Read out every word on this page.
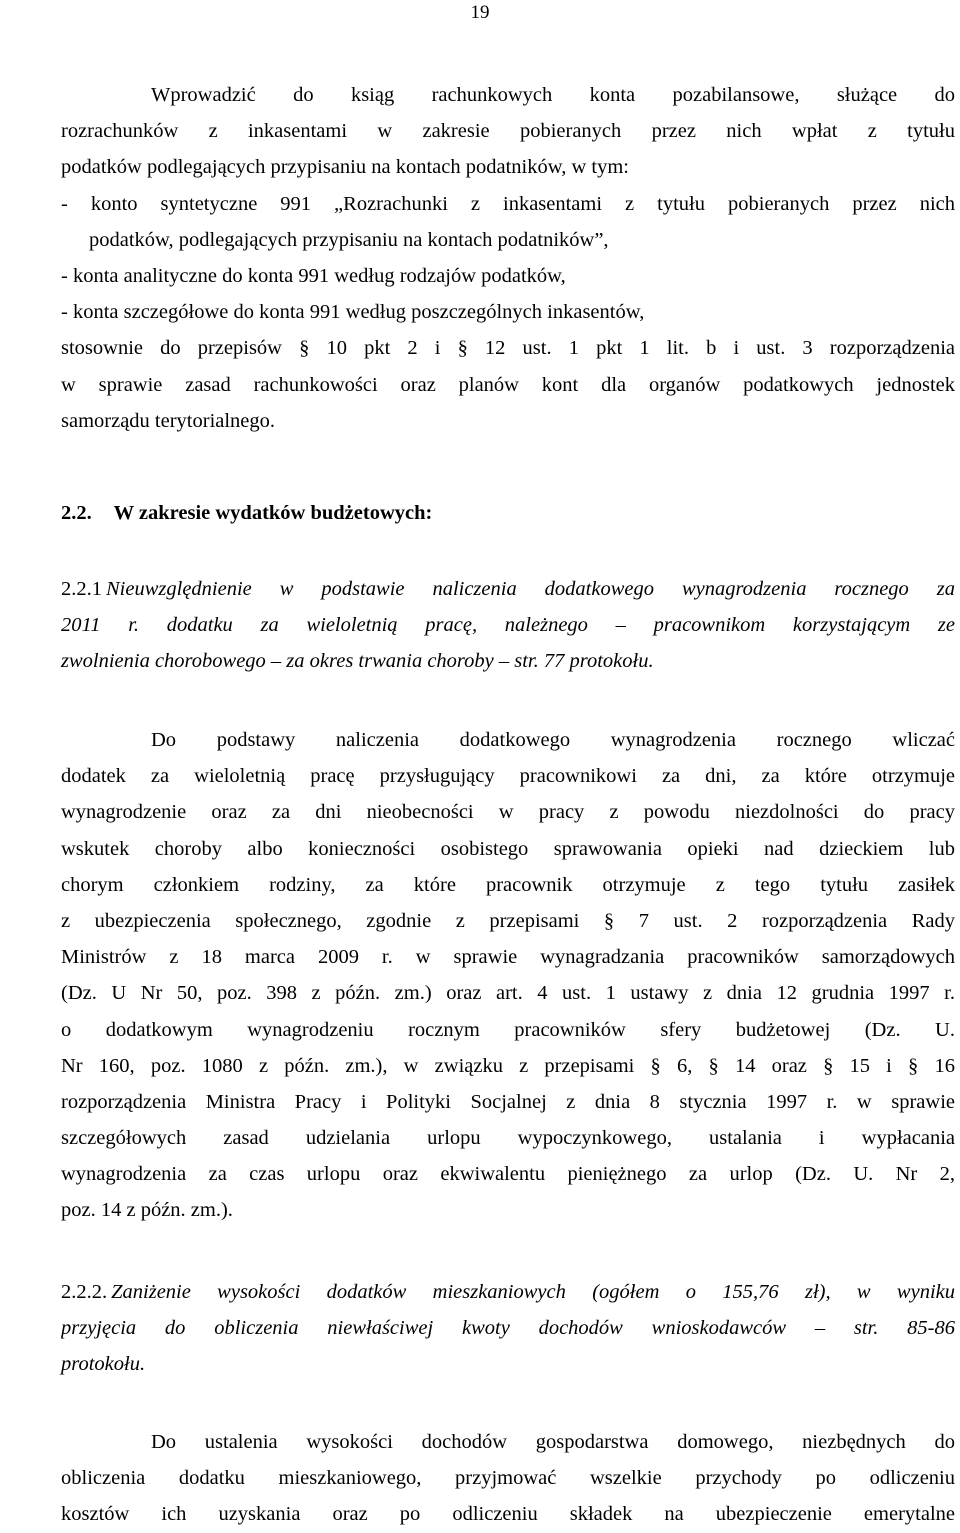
19
Wprowadzić do ksiąg rachunkowych konta pozabilansowe, służące do
rozrachunków z inkasentami w zakresie pobieranych przez nich wpłat z tytułu
podatków podlegających przypisaniu na kontach podatników, w tym:
- konto syntetyczne 991 „Rozrachunki z inkasentami z tytułu pobieranych przez nich
podatków, podlegających przypisaniu na kontach podatników”,
- konta analityczne do konta 991 według rodzajów podatków,
- konta szczegółowe do konta 991 według poszczególnych inkasentów,
stosownie do przepisów § 10 pkt 2 i § 12 ust. 1 pkt 1 lit. b i ust. 3 rozporządzenia
w sprawie zasad rachunkowości oraz planów kont dla organów podatkowych jednostek
samorządu terytorialnego.
2.2. W zakresie wydatków budżetowych:
2.2.1 Nieuwzględnienie w podstawie naliczenia dodatkowego wynagrodzenia rocznego za
2011 r. dodatku za wieloletnią pracę, należnego – pracownikom korzystającym ze
zwolnienia chorobowego – za okres trwania choroby – str. 77 protokołu.
Do podstawy naliczenia dodatkowego wynagrodzenia rocznego wliczać
dodatek za wieloletnią pracę przysługujący pracownikowi za dni, za które otrzymuje
wynagrodzenie oraz za dni nieobecności w pracy z powodu niezdolności do pracy
wskutek choroby albo konieczności osobistego sprawowania opieki nad dzieckiem lub
chorym członkiem rodziny, za które pracownik otrzymuje z tego tytułu zasiłek
z ubezpieczenia społecznego, zgodnie z przepisami § 7 ust. 2 rozporządzenia Rady
Ministrów z 18 marca 2009 r. w sprawie wynagradzania pracowników samorządowych
(Dz. U Nr 50, poz. 398 z późn. zm.) oraz art. 4 ust. 1 ustawy z dnia 12 grudnia 1997 r.
o dodatkowym wynagrodzeniu rocznym pracowników sfery budżetowej (Dz. U.
Nr 160, poz. 1080 z późn. zm.), w związku z przepisami § 6, § 14 oraz § 15 i § 16
rozporządzenia Ministra Pracy i Polityki Socjalnej z dnia 8 stycznia 1997 r. w sprawie
szczegółowych zasad udzielania urlopu wypoczynkowego, ustalania i wypłacania
wynagrodzenia za czas urlopu oraz ekwiwalentu pieniężnego za urlop (Dz. U. Nr 2,
poz. 14 z późn. zm.).
2.2.2. Zaniżenie wysokości dodatków mieszkaniowych (ogółem o 155,76 zł), w wyniku
przyjęcia do obliczenia niewłaściwej kwoty dochodów wnioskodawców – str. 85-86
protokołu.
Do ustalenia wysokości dochodów gospodarstwa domowego, niezbędnych do
obliczenia dodatku mieszkaniowego, przyjmować wszelkie przychody po odliczeniu
kosztów ich uzyskania oraz po odliczeniu składek na ubezpieczenie emerytalne
